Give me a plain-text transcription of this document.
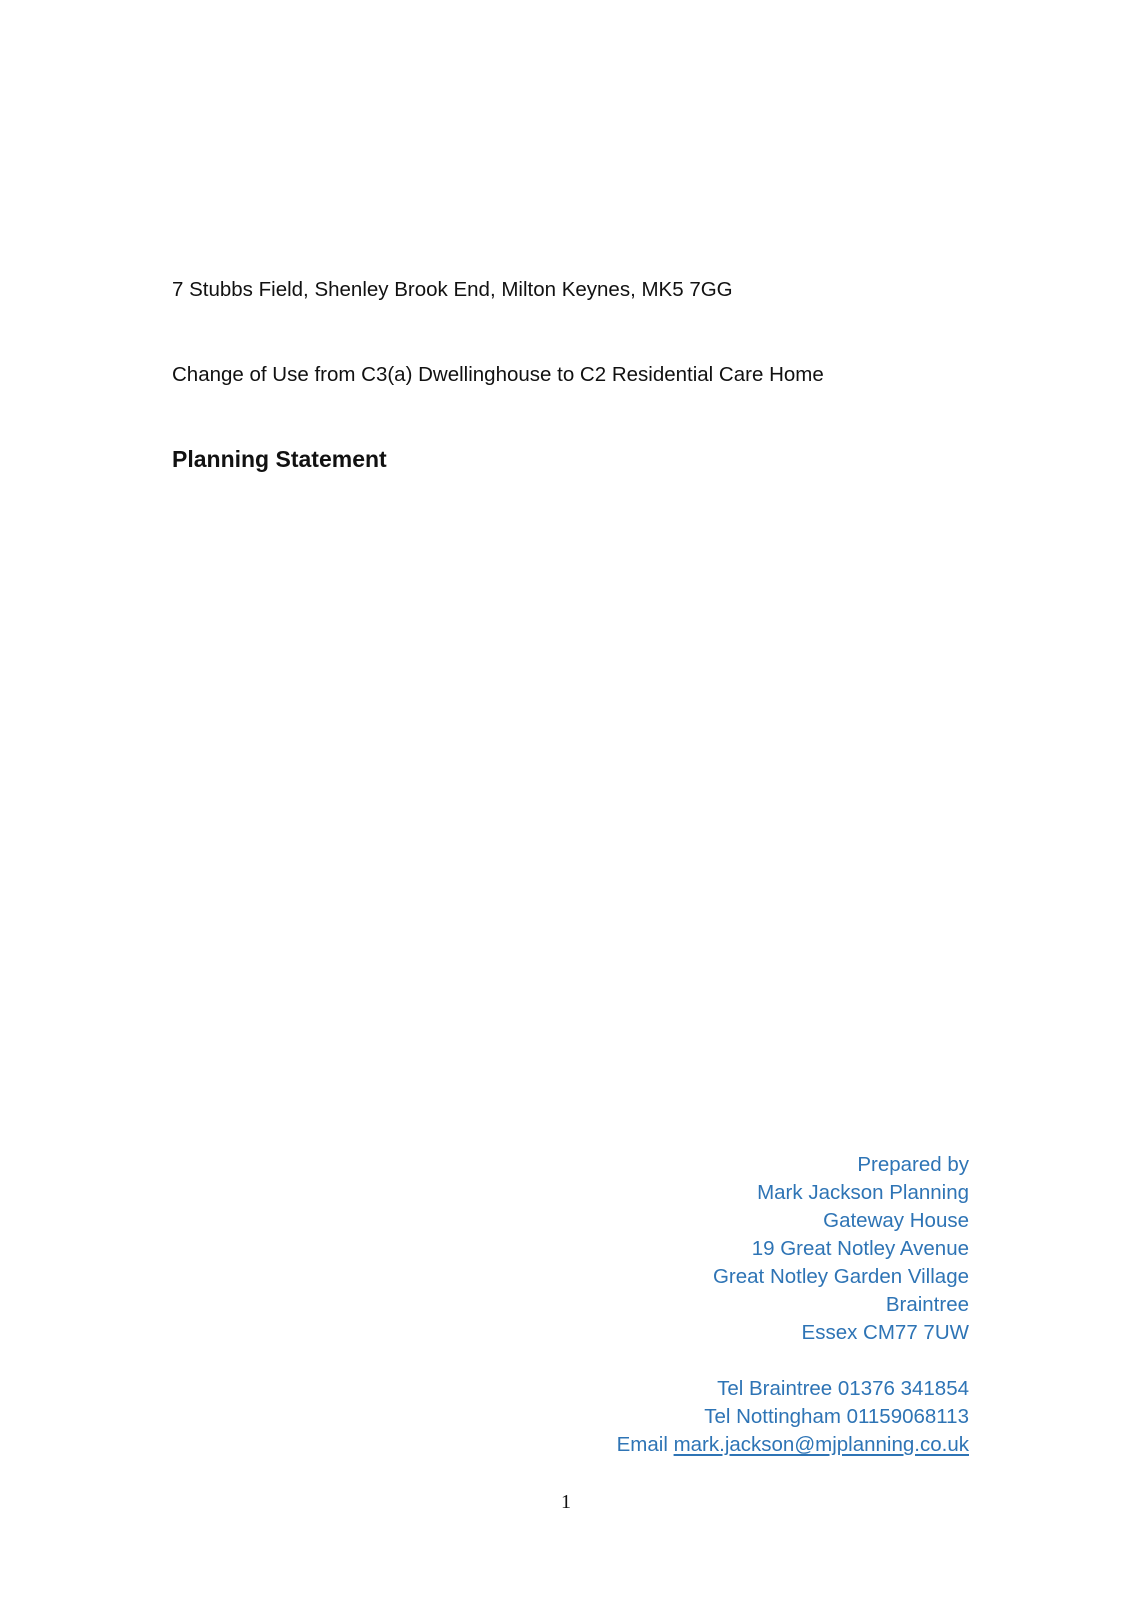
7 Stubbs Field, Shenley Brook End, Milton Keynes, MK5 7GG
Change of Use from C3(a) Dwellinghouse to C2 Residential Care Home
Planning Statement
Prepared by
Mark Jackson Planning
Gateway House
19 Great Notley Avenue
Great Notley Garden Village
Braintree
Essex CM77 7UW
Tel Braintree 01376 341854
Tel Nottingham 01159068113
Email mark.jackson@mjplanning.co.uk
1
